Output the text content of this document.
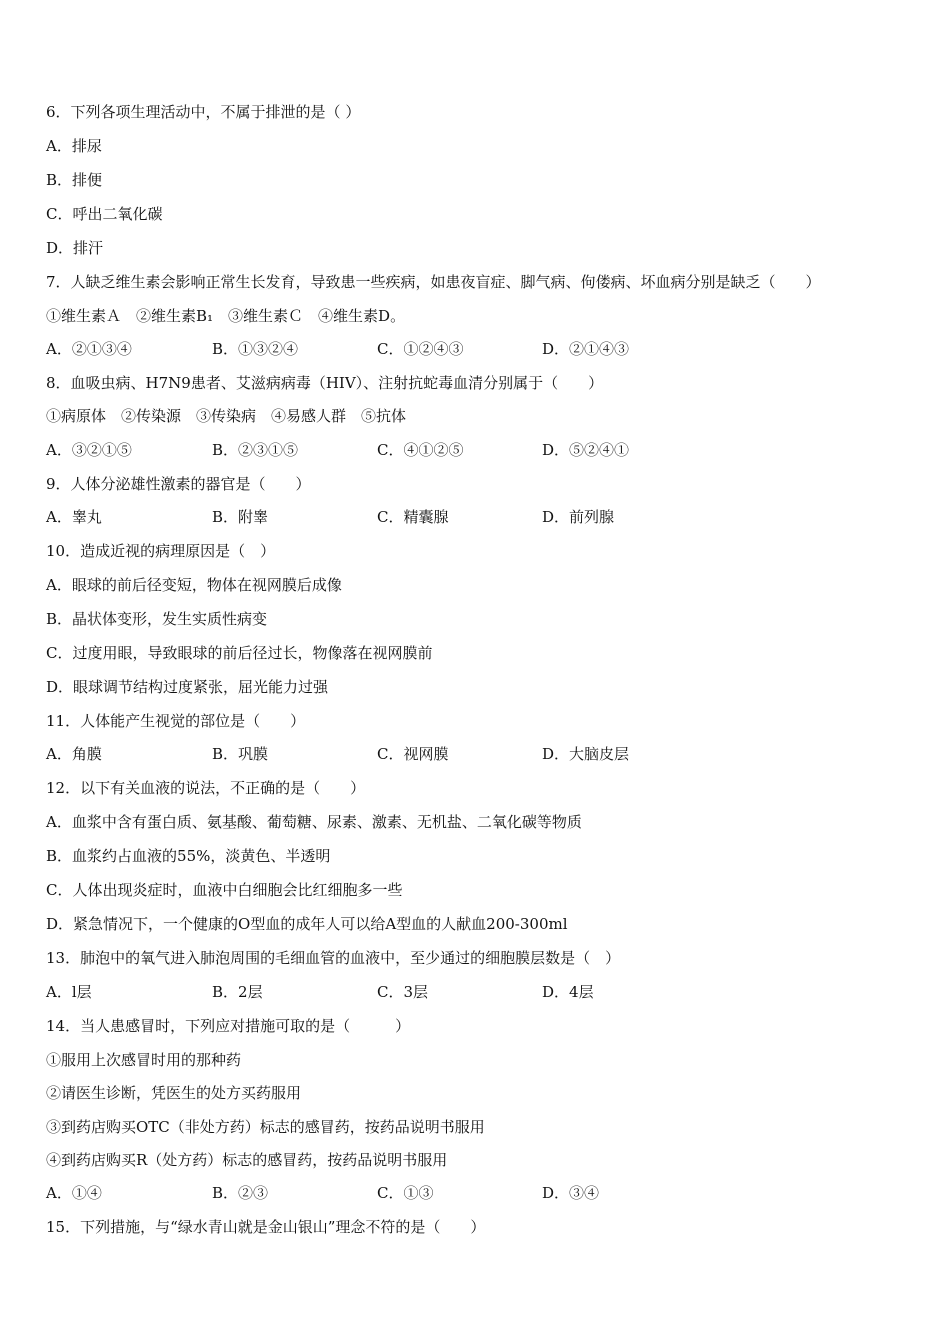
6．下列各项生理活动中，不属于排泄的是（ ）
A．排尿
B．排便
C．呼出二氧化碳
D．排汗
7．人缺乏维生素会影响正常生长发育，导致患一些疾病，如患夜盲症、脚气病、佝偻病、坏血病分别是缺乏（　　）
①维生素Ａ　②维生素B₁　③维生素Ｃ　④维生素D。
A．②①③④	B．①③②④	C．①②④③	D．②①④③
8．血吸虫病、H7N9患者、艾滋病病毒（HIV）、注射抗蛇毒血清分别属于（　　）
①病原体　②传染源　③传染病　④易感人群　⑤抗体
A．③②①⑤	B．②③①⑤	C．④①②⑤	D．⑤②④①
9．人体分泌雄性激素的器官是（　　）
A．睾丸	B．附睾	C．精囊腺	D．前列腺
10．造成近视的病理原因是（　）
A．眼球的前后径变短，物体在视网膜后成像
B．晶状体变形，发生实质性病变
C．过度用眼，导致眼球的前后径过长，物像落在视网膜前
D．眼球调节结构过度紧张，屈光能力过强
11．人体能产生视觉的部位是（　　）
A．角膜	B．巩膜	C．视网膜	D．大脑皮层
12．以下有关血液的说法，不正确的是（　　）
A．血浆中含有蛋白质、氨基酸、葡萄糖、尿素、激素、无机盐、二氧化碳等物质
B．血浆约占血液的55%，淡黄色、半透明
C．人体出现炎症时，血液中白细胞会比红细胞多一些
D．紧急情况下，一个健康的O型血的成年人可以给A型血的人献血200-300ml
13．肺泡中的氧气进入肺泡周围的毛细血管的血液中，至少通过的细胞膜层数是（　）
A．l层	B．2层	C．3层	D．4层
14．当人患感冒时，下列应对措施可取的是（　　　）
①服用上次感冒时用的那种药
②请医生诊断，凭医生的处方买药服用
③到药店购买OTC（非处方药）标志的感冒药，按药品说明书服用
④到药店购买R（处方药）标志的感冒药，按药品说明书服用
A．①④	B．②③	C．①③	D．③④
15．下列措施，与“绿水青山就是金山银山”理念不符的是（　　）
